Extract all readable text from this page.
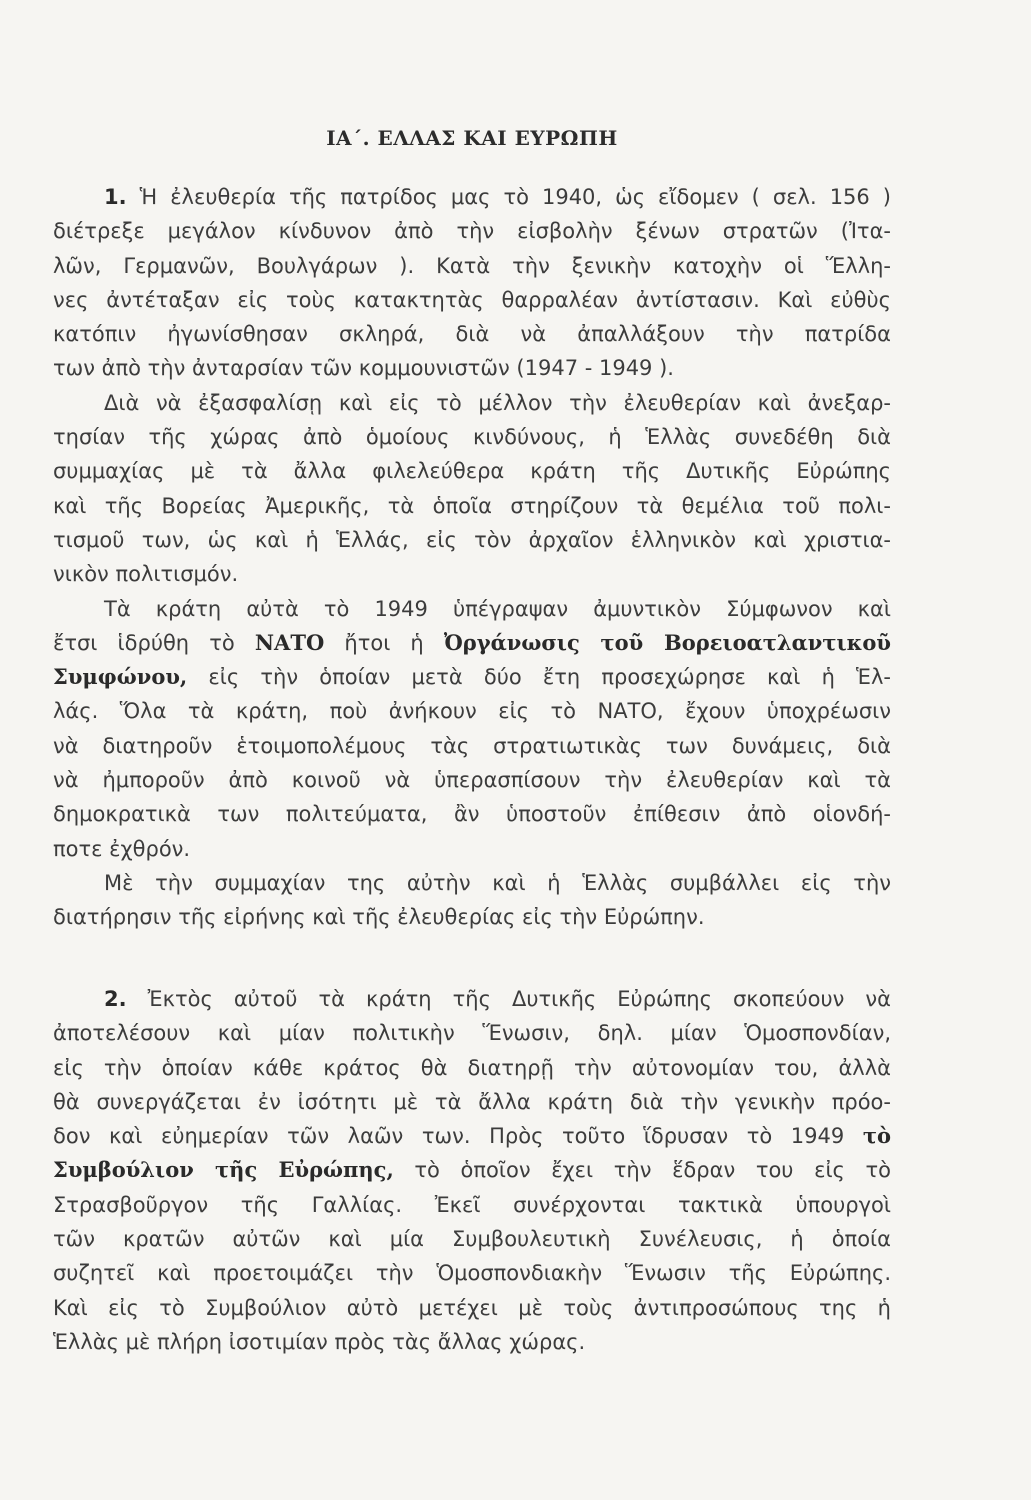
ΙΑ΄. ΕΛΛΑΣ ΚΑΙ ΕΥΡΩΠΗ
1. Ἡ ἐλευθερία τῆς πατρίδος μας τὸ 1940, ὡς εἴδομεν ( σελ. 156 )
διέτρεξε μεγάλον κίνδυνον ἀπὸ τὴν εἰσβολὴν ξένων στρατῶν (Ἰτα-
λῶν, Γερμανῶν, Βουλγάρων ). Κατὰ τὴν ξενικὴν κατοχὴν οἱ Ἕλλη-
νες ἀντέταξαν εἰς τοὺς κατακτητὰς θαρραλέαν ἀντίστασιν. Καὶ εὐθὺς
κατόπιν ἠγωνίσθησαν σκληρά, διὰ νὰ ἀπαλλάξουν τὴν πατρίδα
των ἀπὸ τὴν ἀνταρσίαν τῶν κομμουνιστῶν (1947 - 1949 ).
Διὰ νὰ ἐξασφαλίσῃ καὶ εἰς τὸ μέλλον τὴν ἐλευθερίαν καὶ ἀνεξαρ-
τησίαν τῆς χώρας ἀπὸ ὁμοίους κινδύνους, ἡ Ἑλλὰς συνεδέθη διὰ
συμμαχίας μὲ τὰ ἄλλα φιλελεύθερα κράτη τῆς Δυτικῆς Εὐρώπης
καὶ τῆς Βορείας Ἀμερικῆς, τὰ ὁποῖα στηρίζουν τὰ θεμέλια τοῦ πολι-
τισμοῦ των, ὡς καὶ ἡ Ἑλλάς, εἰς τὸν ἀρχαῖον ἑλληνικὸν καὶ χριστια-
νικὸν πολιτισμόν.
Τὰ κράτη αὐτὰ τὸ 1949 ὑπέγραψαν ἀμυντικὸν Σύμφωνον καὶ
ἔτσι ἱδρύθη τὸ ΝΑΤΟ ἤτοι ἡ Ὀργάνωσις τοῦ Βορειοατλαντικοῦ
Συμφώνου, εἰς τὴν ὁποίαν μετὰ δύο ἔτη προσεχώρησε καὶ ἡ Ἑλ-
λάς. Ὅλα τὰ κράτη, ποὺ ἀνήκουν εἰς τὸ ΝΑΤΟ, ἔχουν ὑποχρέωσιν
νὰ διατηροῦν ἑτοιμοπολέμους τὰς στρατιωτικὰς των δυνάμεις, διὰ
νὰ ἠμποροῦν ἀπὸ κοινοῦ νὰ ὑπερασπίσουν τὴν ἐλευθερίαν καὶ τὰ
δημοκρατικὰ των πολιτεύματα, ἂν ὑποστοῦν ἐπίθεσιν ἀπὸ οἱονδή-
ποτε ἐχθρόν.
Μὲ τὴν συμμαχίαν της αὐτὴν καὶ ἡ Ἑλλὰς συμβάλλει εἰς τὴν
διατήρησιν τῆς εἰρήνης καὶ τῆς ἐλευθερίας εἰς τὴν Εὐρώπην.
2. Ἐκτὸς αὐτοῦ τὰ κράτη τῆς Δυτικῆς Εὐρώπης σκοπεύουν νὰ
ἀποτελέσουν καὶ μίαν πολιτικὴν Ἕνωσιν, δηλ. μίαν Ὁμοσπονδίαν,
εἰς τὴν ὁποίαν κάθε κράτος θὰ διατηρῇ τὴν αὐτονομίαν του, ἀλλὰ
θὰ συνεργάζεται ἐν ἰσότητι μὲ τὰ ἄλλα κράτη διὰ τὴν γενικὴν πρόο-
δον καὶ εὐημερίαν τῶν λαῶν των. Πρὸς τοῦτο ἵδρυσαν τὸ 1949 τὸ
Συμβούλιον τῆς Εὐρώπης, τὸ ὁποῖον ἔχει τὴν ἕδραν του εἰς τὸ
Στρασβοῦργον τῆς Γαλλίας. Ἐκεῖ συνέρχονται τακτικὰ ὑπουργοὶ
τῶν κρατῶν αὐτῶν καὶ μία Συμβουλευτικὴ Συνέλευσις, ἡ ὁποία
συζητεῖ καὶ προετοιμάζει τὴν Ὁμοσπονδιακὴν Ἕνωσιν τῆς Εὐρώπης.
Καὶ εἰς τὸ Συμβούλιον αὐτὸ μετέχει μὲ τοὺς ἀντιπροσώπους της ἡ
Ἑλλὰς μὲ πλήρη ἰσοτιμίαν πρὸς τὰς ἄλλας χώρας.
